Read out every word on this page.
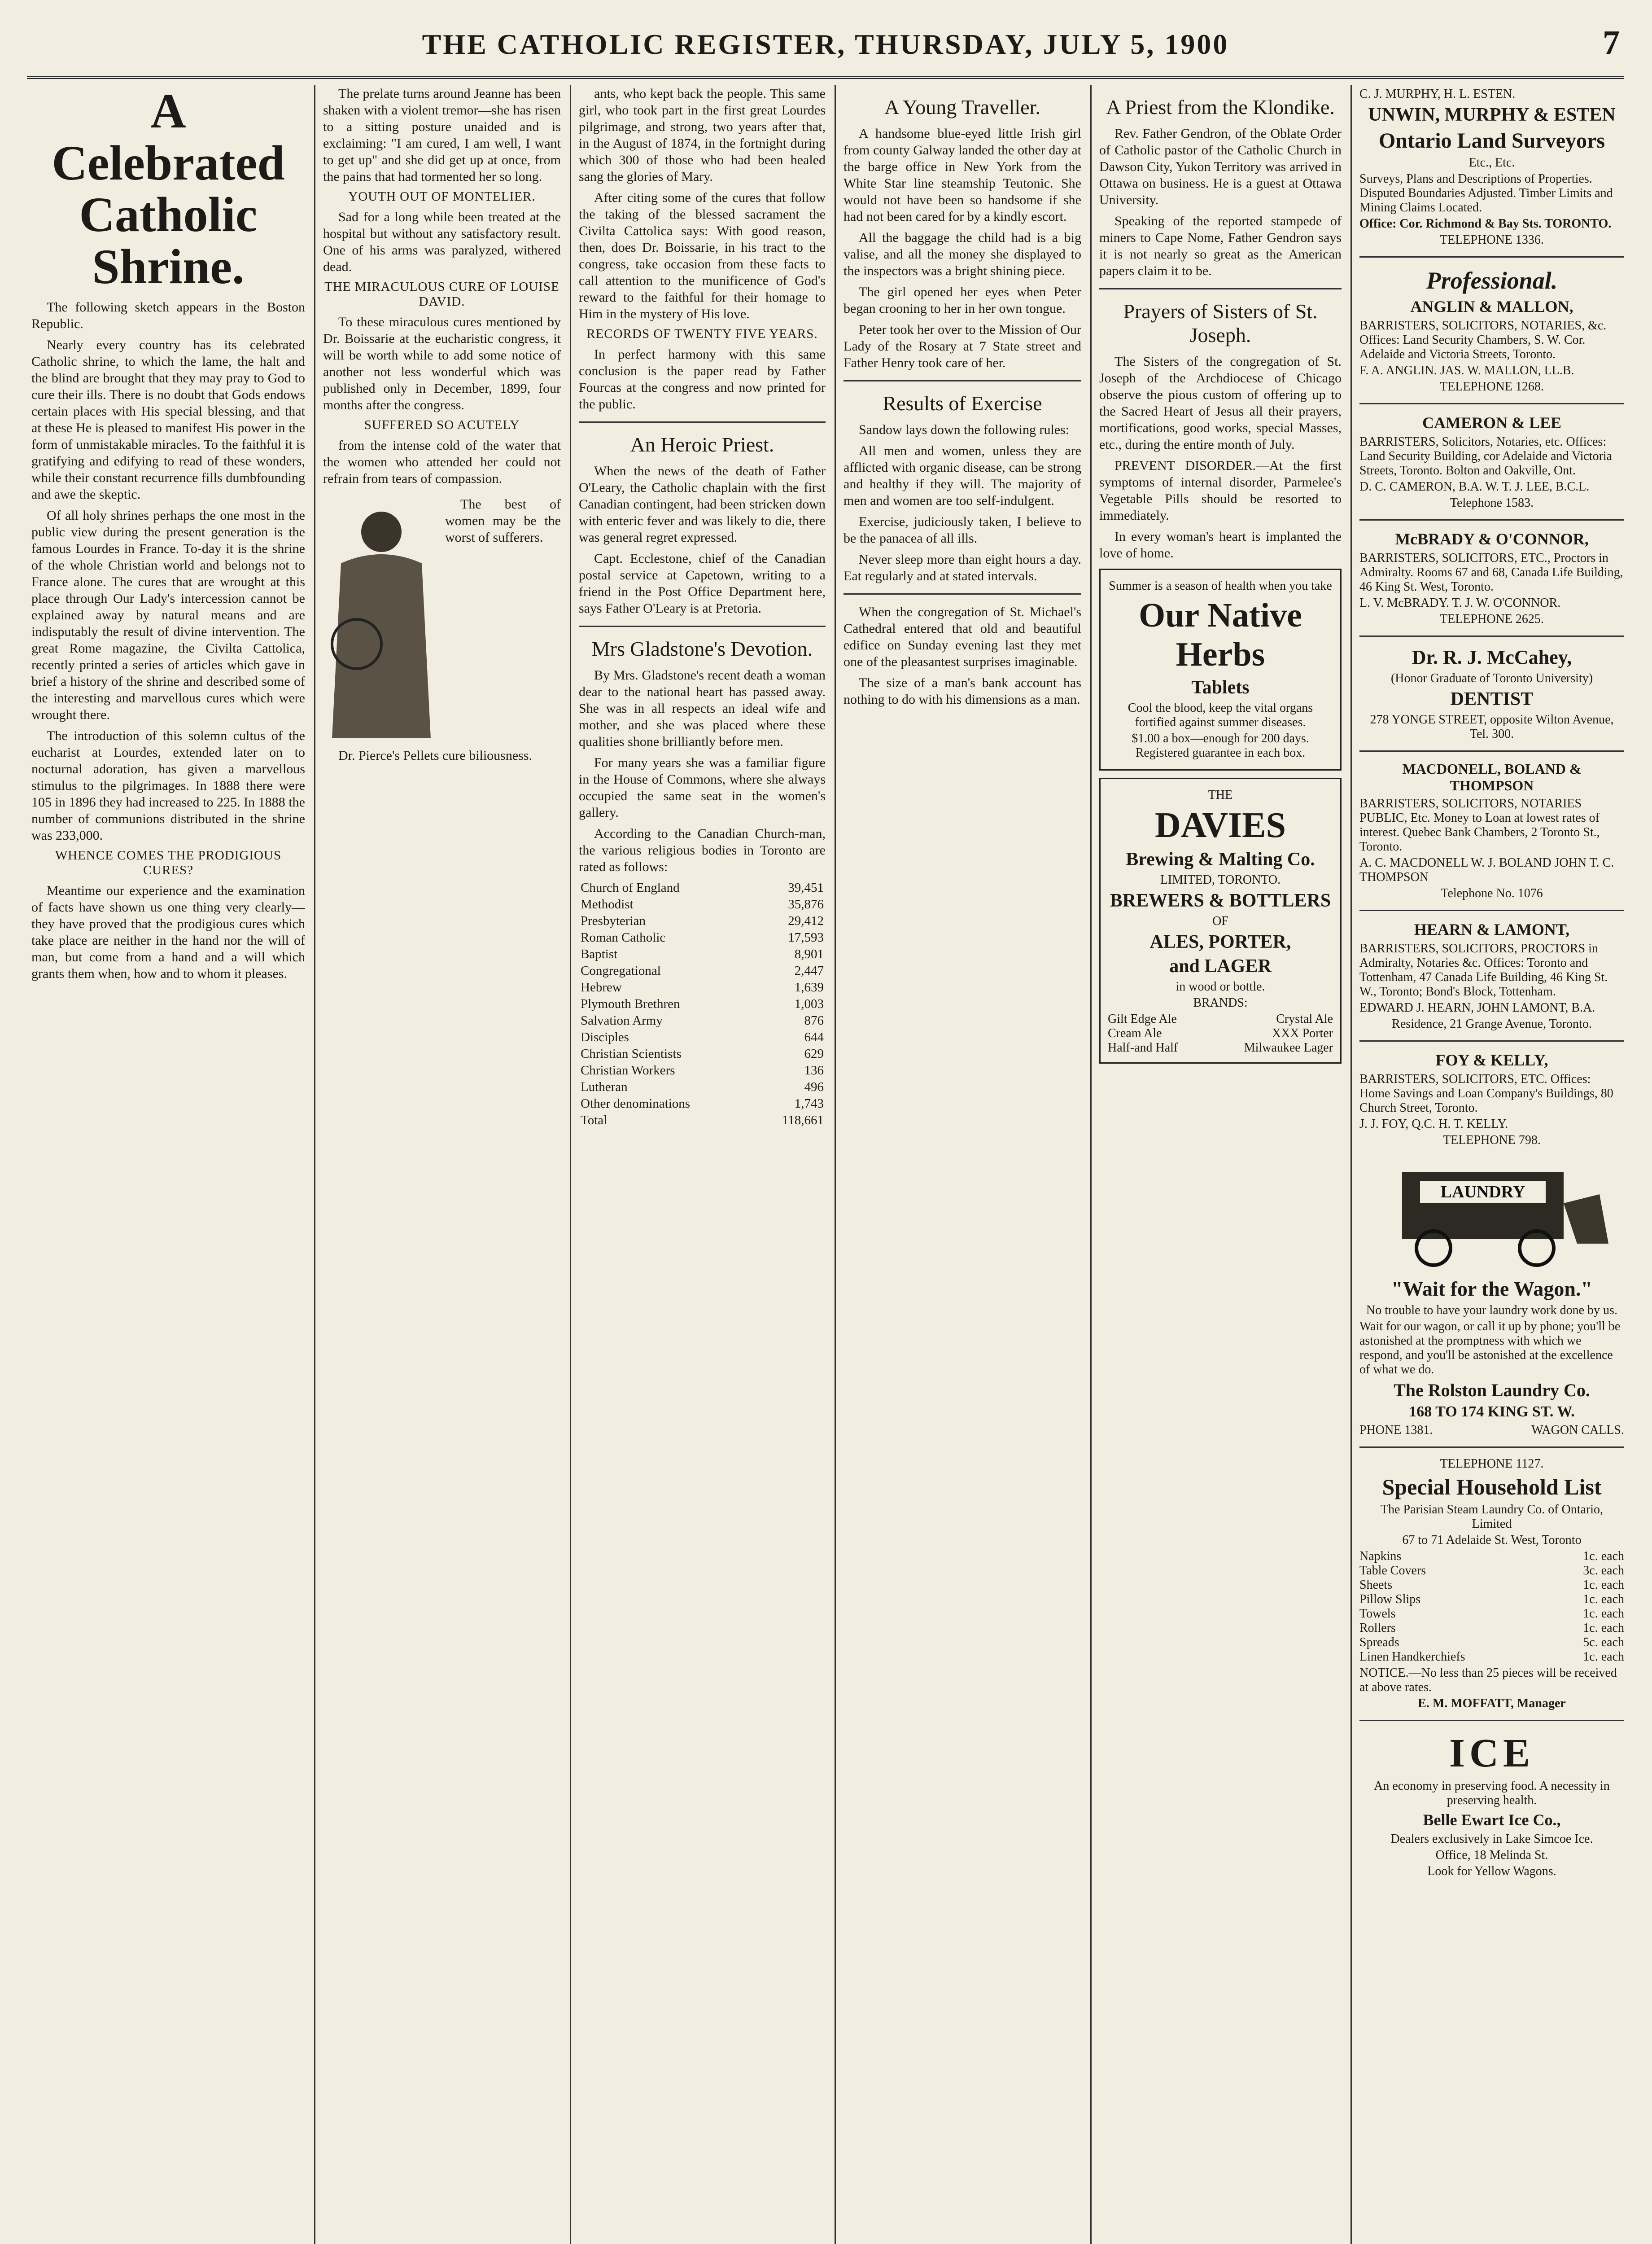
THE CATHOLIC REGISTER, THURSDAY, JULY 5, 1900	7
A Celebrated Catholic Shrine.

The following sketch appears in the Boston Republic.

Nearly every country has its celebrated Catholic shrine, to which the lame, the halt and the blind are brought that they may pray to God to cure their ills. There is no doubt that Gods endows certain places with His special blessing, and that at these He is pleased to manifest His power in the form of unmistakable miracles. To the faithful it is gratifying and edifying to read of these wonders, while their constant recurrence fills dumbfounding and awe the skeptic.

Of all holy shrines perhaps the one most in the public view during the present generation is the famous Lourdes in France. To-day it is the shrine of the whole Christian world and belongs not to France alone. The cures that are wrought at this place through Our Lady's intercession cannot be explained away by natural means and are indisputably the result of divine intervention. The great Rome magazine, the Civilta Cattolica, recently printed a series of articles which gave in brief a history of the shrine and described some of the interesting and marvellous cures which were wrought there.

The introduction of this solemn cultus of the eucharist at Lourdes, extended later on to nocturnal adoration, has given a marvellous stimulus to the pilgrimages. In 1888 there were 105 in 1896 they had increased to 225. In 1888 the number of communions distributed in the shrine was 233,000.

WHENCE COMES THE PRODIGIOUS CURES?

Meantime our experience and the examination of facts have shown us one thing very clearly—they have proved that the prodigious cures which take place are neither in the hand nor the will of man, but come from a hand and a will which grants them when, how and to whom it pleases.

The prelate turns around Jeanne has been shaken with a violent tremor—she has risen to a sitting posture unaided and is exclaiming: "I am cured, I am well, I want to get up" and she did get up at once, from the pains that had tormented her so long.

YOUTH OUT OF MONTELIER.

Sad for a long while been treated at the hospital but without any satisfactory result. One of his arms was paralyzed, withered dead.

THE MIRACULOUS CURE OF LOUISE DAVID.

To these miraculous cures mentioned by Dr. Boissarie at the eucharistic congress, it will be worth while to add some notice of another not less wonderful which was published only in December, 1899, four months after the congress.

SUFFERED SO ACUTELY

from the intense cold of the water that the women who attended her could not refrain from tears of compassion.

The best of women may be the worst of sufferers.

Dr. Pierce's Pellets cure biliousness.

ants, who kept back the people. This same girl, who took part in the first great Lourdes pilgrimage, and strong, two years after that, in the August of 1874, in the fortnight during which 300 of those who had been healed sang the glories of Mary.

After citing some of the cures that follow the taking of the blessed sacrament the Civilta Cattolica says: With good reason, then, does Dr. Boissarie, in his tract to the congress, take occasion from these facts to call attention to the munificence of God's reward to the faithful for their homage to Him in the mystery of His love.

RECORDS OF TWENTY FIVE YEARS.

In perfect harmony with this same conclusion is the paper read by Father Fourcas at the congress and now printed for the public.

An Heroic Priest.

When the news of the death of Father O'Leary, the Catholic chaplain with the first Canadian contingent, had been stricken down with enteric fever and was likely to die, there was general regret expressed.

Capt. Ecclestone, chief of the Canadian postal service at Capetown, writing to a friend in the Post Office Department here, says Father O'Leary is at Pretoria.

Mrs Gladstone's Devotion.

By Mrs. Gladstone's recent death a woman dear to the national heart has passed away. She was in all respects an ideal wife and mother, and she was placed where these qualities shone brilliantly before men.

For many years she was a familiar figure in the House of Commons, where she always occupied the same seat in the women's gallery.

According to the Canadian Church-man, the various religious bodies in Toronto are rated as follows:

Church of England	39,451
Methodist	35,876
Presbyterian	29,412
Roman Catholic	17,593
Baptist	8,901
Congregational	2,447
Hebrew	1,639
Plymouth Brethren	1,003
Salvation Army	876
Disciples	644
Christian Scientists	629
Christian Workers	136
Lutheran	496
Other denominations	1,743
Total	118,661
A Young Traveller.

A handsome blue-eyed little Irish girl from county Galway landed the other day at the barge office in New York from the White Star line steamship Teutonic. She would not have been so handsome if she had not been cared for by a kindly escort.

All the baggage the child had is a big valise, and all the money she displayed to the inspectors was a bright shining piece.

The girl opened her eyes when Peter began crooning to her in her own tongue.

Peter took her over to the Mission of Our Lady of the Rosary at 7 State street and Father Henry took care of her.

Results of Exercise

Sandow lays down the following rules:

All men and women, unless they are afflicted with organic disease, can be strong and healthy if they will. The majority of men and women are too self-indulgent.

Exercise, judiciously taken, I believe to be the panacea of all ills.

Never sleep more than eight hours a day. Eat regularly and at stated intervals.

When the congregation of St. Michael's Cathedral entered that old and beautiful edifice on Sunday evening last they met one of the pleasantest surprises imaginable.

The size of a man's bank account has nothing to do with his dimensions as a man.

A Priest from the Klondike.

Rev. Father Gendron, of the Oblate Order of Catholic pastor of the Catholic Church in Dawson City, Yukon Territory was arrived in Ottawa on business. He is a guest at Ottawa University.

Speaking of the reported stampede of miners to Cape Nome, Father Gendron says it is not nearly so great as the American papers claim it to be.

Prayers of Sisters of St. Joseph.

The Sisters of the congregation of St. Joseph of the Archdiocese of Chicago observe the pious custom of offering up to the Sacred Heart of Jesus all their prayers, mortifications, good works, special Masses, etc., during the entire month of July.

PREVENT DISORDER.—At the first symptoms of internal disorder, Parmelee's Vegetable Pills should be resorted to immediately.

In every woman's heart is implanted the love of home.

Summer is a season of health when you take
Our Native Herbs
Tablets
Cool the blood, keep the vital organs fortified against summer diseases.
$1.00 a box—enough for 200 days. Registered guarantee in each box.
THE
DAVIES
Brewing & Malting Co.
LIMITED, TORONTO.
BREWERS & BOTTLERS
OF
ALES, PORTER,
and LAGER
in wood or bottle.
BRANDS:
Gilt Edge Ale	Crystal Ale
Cream Ale	XXX Porter
Half-and Half	Milwaukee Lager
C. J. MURPHY, H. L. ESTEN.
UNWIN, MURPHY & ESTEN
Ontario Land Surveyors
Etc., Etc.
Surveys, Plans and Descriptions of Properties. Disputed Boundaries Adjusted. Timber Limits and Mining Claims Located.
Office: Cor. Richmond & Bay Sts. TORONTO.
TELEPHONE 1336.
Professional.
ANGLIN & MALLON,
BARRISTERS, SOLICITORS, NOTARIES, &c. Offices: Land Security Chambers, S. W. Cor. Adelaide and Victoria Streets, Toronto.
F. A. ANGLIN. JAS. W. MALLON, LL.B.
TELEPHONE 1268.
CAMERON & LEE
BARRISTERS, Solicitors, Notaries, etc. Offices: Land Security Building, cor Adelaide and Victoria Streets, Toronto. Bolton and Oakville, Ont.
D. C. CAMERON, B.A. W. T. J. LEE, B.C.L.
Telephone 1583.
McBRADY & O'CONNOR,
BARRISTERS, SOLICITORS, ETC., Proctors in Admiralty. Rooms 67 and 68, Canada Life Building, 46 King St. West, Toronto.
L. V. McBRADY. T. J. W. O'CONNOR.
TELEPHONE 2625.
Dr. R. J. McCahey,
(Honor Graduate of Toronto University)
DENTIST
278 YONGE STREET, opposite Wilton Avenue, Tel. 300.
MACDONELL, BOLAND & THOMPSON
BARRISTERS, SOLICITORS, NOTARIES PUBLIC, Etc. Money to Loan at lowest rates of interest. Quebec Bank Chambers, 2 Toronto St., Toronto.
A. C. MACDONELL W. J. BOLAND JOHN T. C. THOMPSON
Telephone No. 1076
HEARN & LAMONT,
BARRISTERS, SOLICITORS, PROCTORS in Admiralty, Notaries &c. Offices: Toronto and Tottenham, 47 Canada Life Building, 46 King St. W., Toronto; Bond's Block, Tottenham.
EDWARD J. HEARN, JOHN LAMONT, B.A.
Residence, 21 Grange Avenue, Toronto.
FOY & KELLY,
BARRISTERS, SOLICITORS, ETC. Offices: Home Savings and Loan Company's Buildings, 80 Church Street, Toronto.
J. J. FOY, Q.C. H. T. KELLY.
TELEPHONE 798.
LAUNDRY
"Wait for the Wagon."
No trouble to have your laundry work done by us.
Wait for our wagon, or call it up by phone; you'll be astonished at the promptness with which we respond, and you'll be astonished at the excellence of what we do.
The Rolston Laundry Co.
168 TO 174 KING ST. W.
PHONE 1381.	WAGON CALLS.
TELEPHONE 1127.
Special Household List
The Parisian Steam Laundry Co. of Ontario, Limited
67 to 71 Adelaide St. West, Toronto
Napkins	1c. each
Table Covers	3c. each
Sheets	1c. each
Pillow Slips	1c. each
Towels	1c. each
Rollers	1c. each
Spreads	5c. each
Linen Handkerchiefs	1c. each
NOTICE.—No less than 25 pieces will be received at above rates.
E. M. MOFFATT, Manager
ICE
An economy in preserving food. A necessity in preserving health.
Belle Ewart Ice Co.,
Dealers exclusively in Lake Simcoe Ice.
Office, 18 Melinda St.
Look for Yellow Wagons.
